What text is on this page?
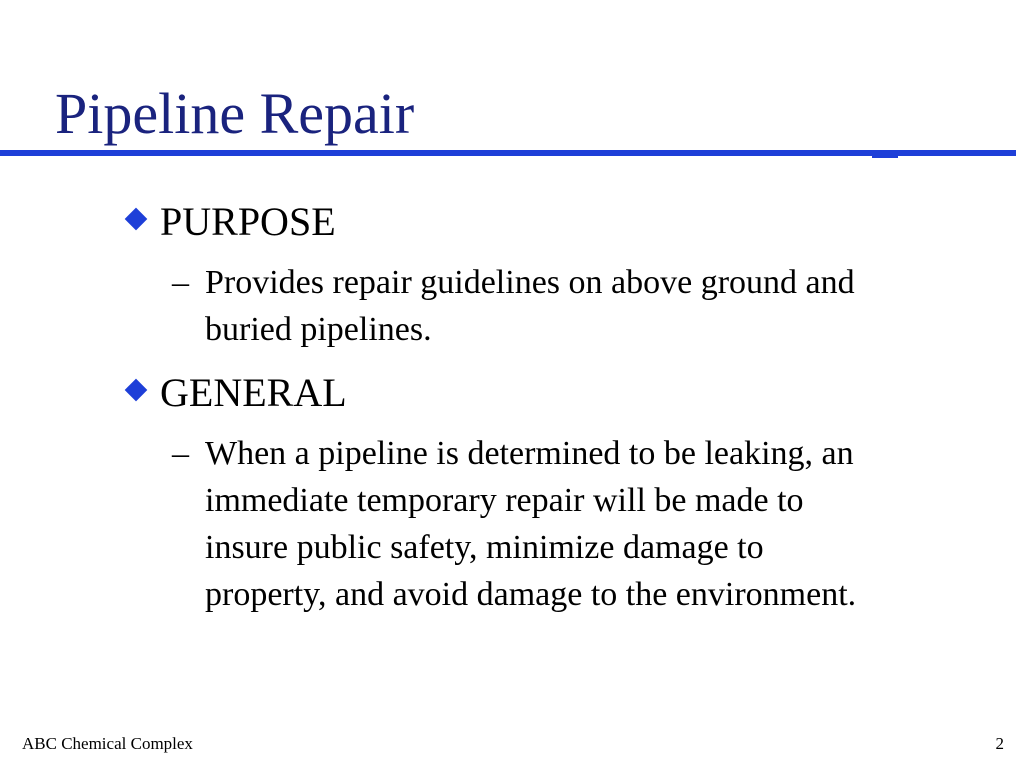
Pipeline Repair
PURPOSE
– Provides repair guidelines on above ground and
buried pipelines.
GENERAL
– When a pipeline is determined to be leaking, an
immediate temporary repair will be made to
insure public safety, minimize damage to
property, and avoid damage to the environment.
ABC Chemical Complex	2
